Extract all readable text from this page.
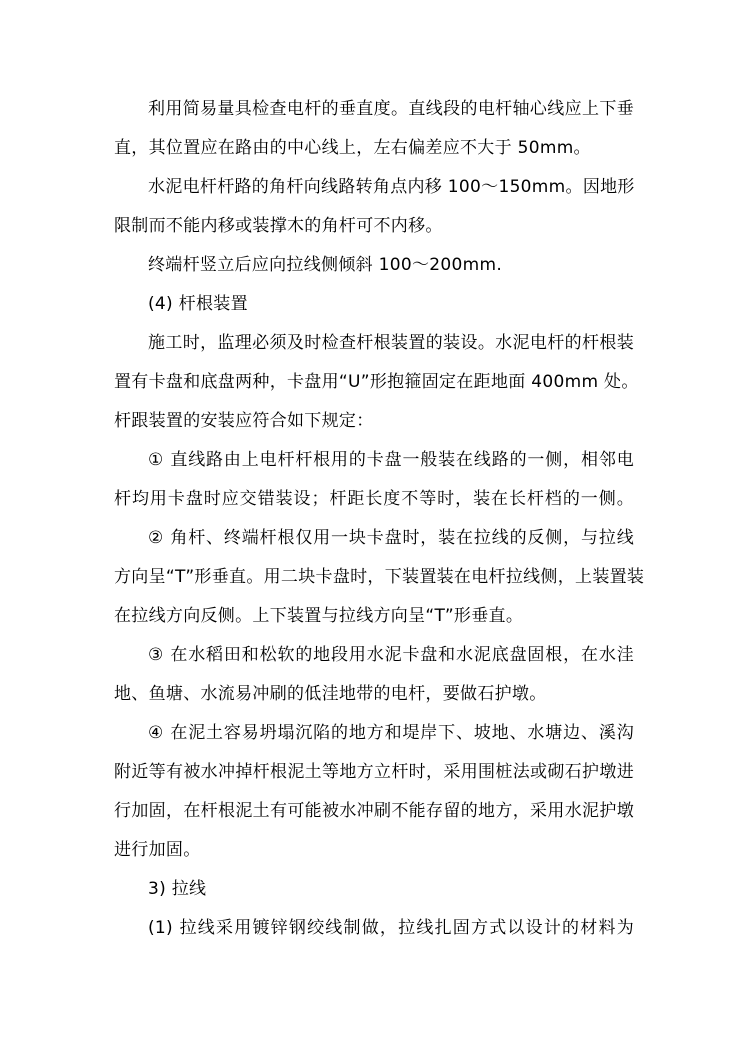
利用简易量具检查电杆的垂直度。直线段的电杆轴心线应上下垂
直，其位置应在路由的中心线上，左右偏差应不大于 50mm。
水泥电杆杆路的角杆向线路转角点内移 100～150mm。因地形
限制而不能内移或装撑木的角杆可不内移。
终端杆竖立后应向拉线侧倾斜 100～200mm.
(4) 杆根装置
施工时，监理必须及时检查杆根装置的装设。水泥电杆的杆根装
置有卡盘和底盘两种，卡盘用“U”形抱箍固定在距地面 400mm 处。
杆跟装置的安装应符合如下规定：
① 直线路由上电杆杆根用的卡盘一般装在线路的一侧，相邻电
杆均用卡盘时应交错装设；杆距长度不等时，装在长杆档的一侧。
② 角杆、终端杆根仅用一块卡盘时，装在拉线的反侧，与拉线
方向呈“T”形垂直。用二块卡盘时，下装置装在电杆拉线侧，上装置装
在拉线方向反侧。上下装置与拉线方向呈“T”形垂直。
③ 在水稻田和松软的地段用水泥卡盘和水泥底盘固根，在水洼
地、鱼塘、水流易冲刷的低洼地带的电杆，要做石护墩。
④ 在泥土容易坍塌沉陷的地方和堤岸下、坡地、水塘边、溪沟
附近等有被水冲掉杆根泥土等地方立杆时，采用围桩法或砌石护墩进
行加固，在杆根泥土有可能被水冲刷不能存留的地方，采用水泥护墩
进行加固。
3) 拉线
(1) 拉线采用镀锌钢绞线制做，拉线扎固方式以设计的材料为
